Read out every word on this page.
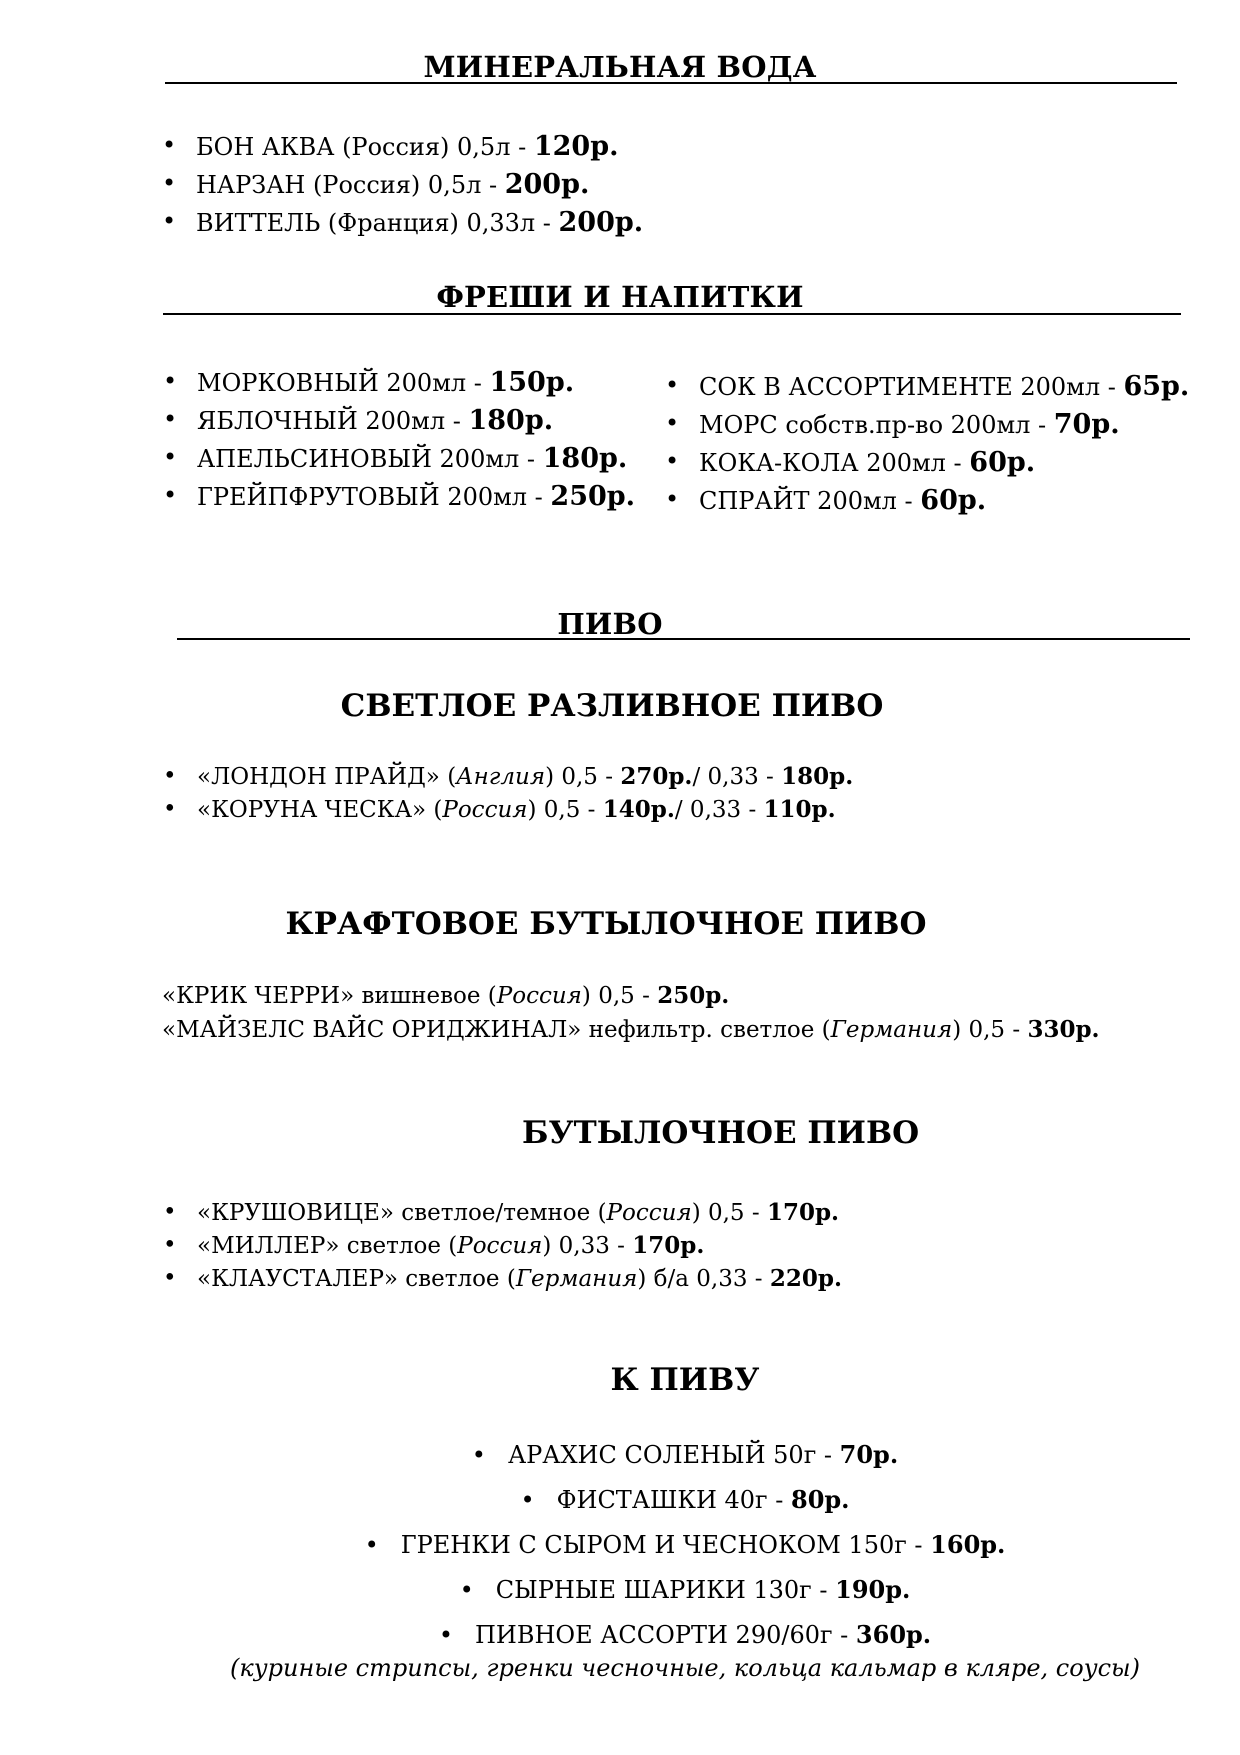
МИНЕРАЛЬНАЯ ВОДА
• БОН АКВА (Россия) 0,5л - 120р.
• НАРЗАН (Россия) 0,5л - 200р.
• ВИТТЕЛЬ (Франция) 0,33л - 200р.
ФРЕШИ И НАПИТКИ
• МОРКОВНЫЙ 200мл - 150р.
• ЯБЛОЧНЫЙ 200мл - 180р.
• АПЕЛЬСИНОВЫЙ 200мл - 180р.
• ГРЕЙПФРУТОВЫЙ 200мл - 250р.
• СОК В АССОРТИМЕНТЕ 200мл - 65р.
• МОРС собств.пр-во 200мл - 70р.
• КОКА-КОЛА 200мл - 60р.
• СПРАЙТ 200мл - 60р.
ПИВО
СВЕТЛОЕ РАЗЛИВНОЕ ПИВО
• «ЛОНДОН ПРАЙД» (Англия) 0,5 - 270р./ 0,33 - 180р.
• «КОРУНА ЧЕСКА» (Россия) 0,5 - 140р./ 0,33 - 110р.
КРАФТОВОЕ БУТЫЛОЧНОЕ ПИВО
«КРИК ЧЕРРИ» вишневое (Россия) 0,5 - 250р.
«МАЙЗЕЛС ВАЙС ОРИДЖИНАЛ» нефильтр. светлое (Германия) 0,5 - 330р.
БУТЫЛОЧНОЕ ПИВО
• «КРУШОВИЦЕ» светлое/темное (Россия) 0,5 - 170р.
• «МИЛЛЕР» светлое (Россия) 0,33 - 170р.
• «КЛАУСТАЛЕР» светлое (Германия) б/а 0,33 - 220р.
К ПИВУ
• АРАХИС СОЛЕНЫЙ 50г - 70р.
• ФИСТАШКИ 40г - 80р.
• ГРЕНКИ С СЫРОМ И ЧЕСНОКОМ 150г - 160р.
• СЫРНЫЕ ШАРИКИ 130г - 190р.
• ПИВНОЕ АССОРТИ 290/60г - 360р.
(куриные стрипсы, гренки чесночные, кольца кальмар в кляре, соусы)
